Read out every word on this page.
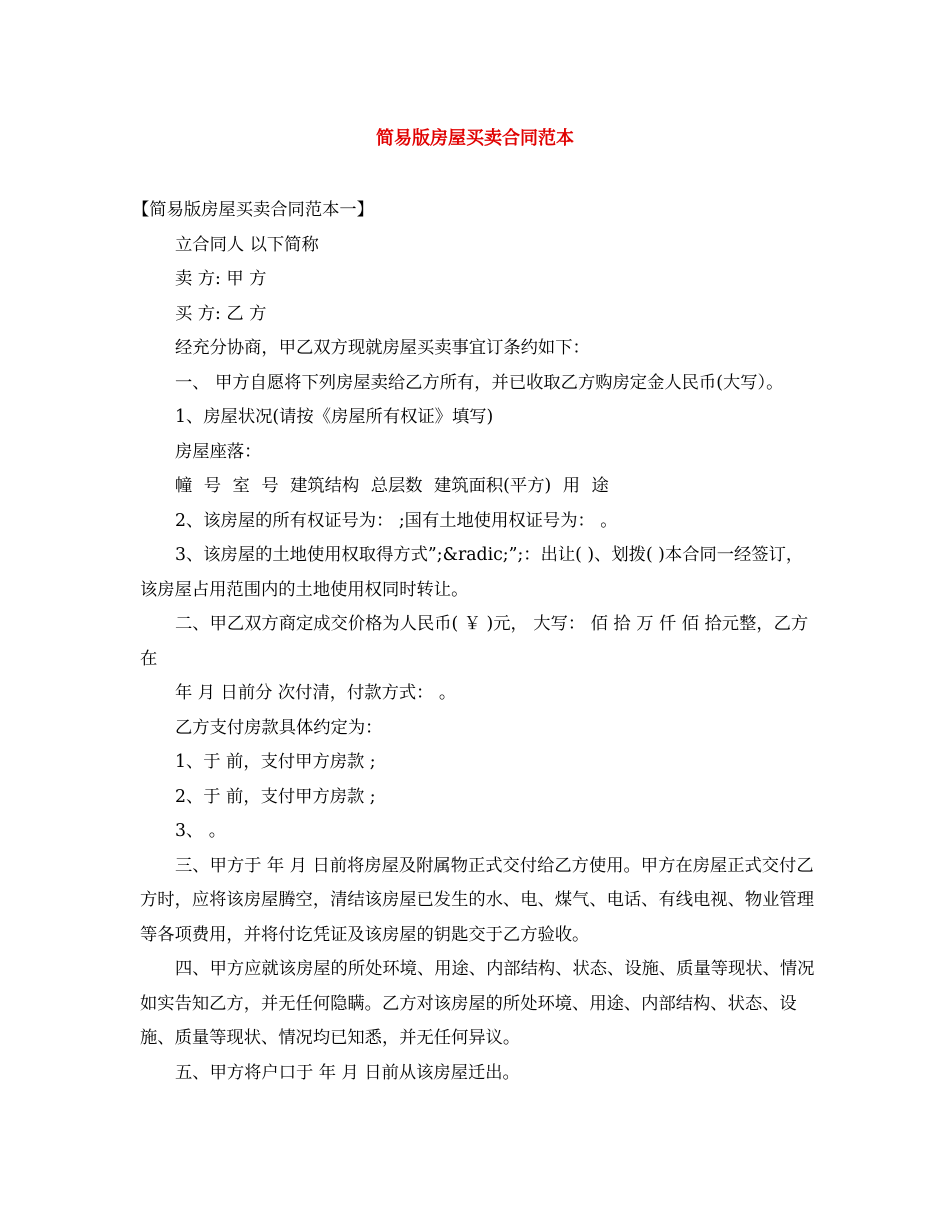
简易版房屋买卖合同范本

【简易版房屋买卖合同范本一】

立合同人 以下简称

卖 方: 甲 方

买 方: 乙 方

经充分协商，甲乙双方现就房屋买卖事宜订条约如下：

一、 甲方自愿将下列房屋卖给乙方所有，并已收取乙方购房定金人民币(大写）。

1、房屋状况(请按《房屋所有权证》填写)

房屋座落：

幢 号 室 号 建筑结构 总层数 建筑面积(平方) 用 途

2、该房屋的所有权证号为： ;国有土地使用权证号为： 。

3、该房屋的土地使用权取得方式”;&radic;”;：出让( )、划拨( )本合同一经签订，该房屋占用范围内的土地使用权同时转让。

二、甲乙双方商定成交价格为人民币( ￥ )元， 大写： 佰 拾 万 仟 佰 拾元整，乙方在

年 月 日前分 次付清，付款方式： 。

乙方支付房款具体约定为：

1、于 前，支付甲方房款 ;

2、于 前，支付甲方房款 ;

3、 。

三、甲方于 年 月 日前将房屋及附属物正式交付给乙方使用。甲方在房屋正式交付乙方时，应将该房屋腾空，清结该房屋已发生的水、电、煤气、电话、有线电视、物业管理等各项费用，并将付讫凭证及该房屋的钥匙交于乙方验收。

四、甲方应就该房屋的所处环境、用途、内部结构、状态、设施、质量等现状、情况如实告知乙方，并无任何隐瞒。乙方对该房屋的所处环境、用途、内部结构、状态、设施、质量等现状、情况均已知悉，并无任何异议。

五、甲方将户口于 年 月 日前从该房屋迁出。
